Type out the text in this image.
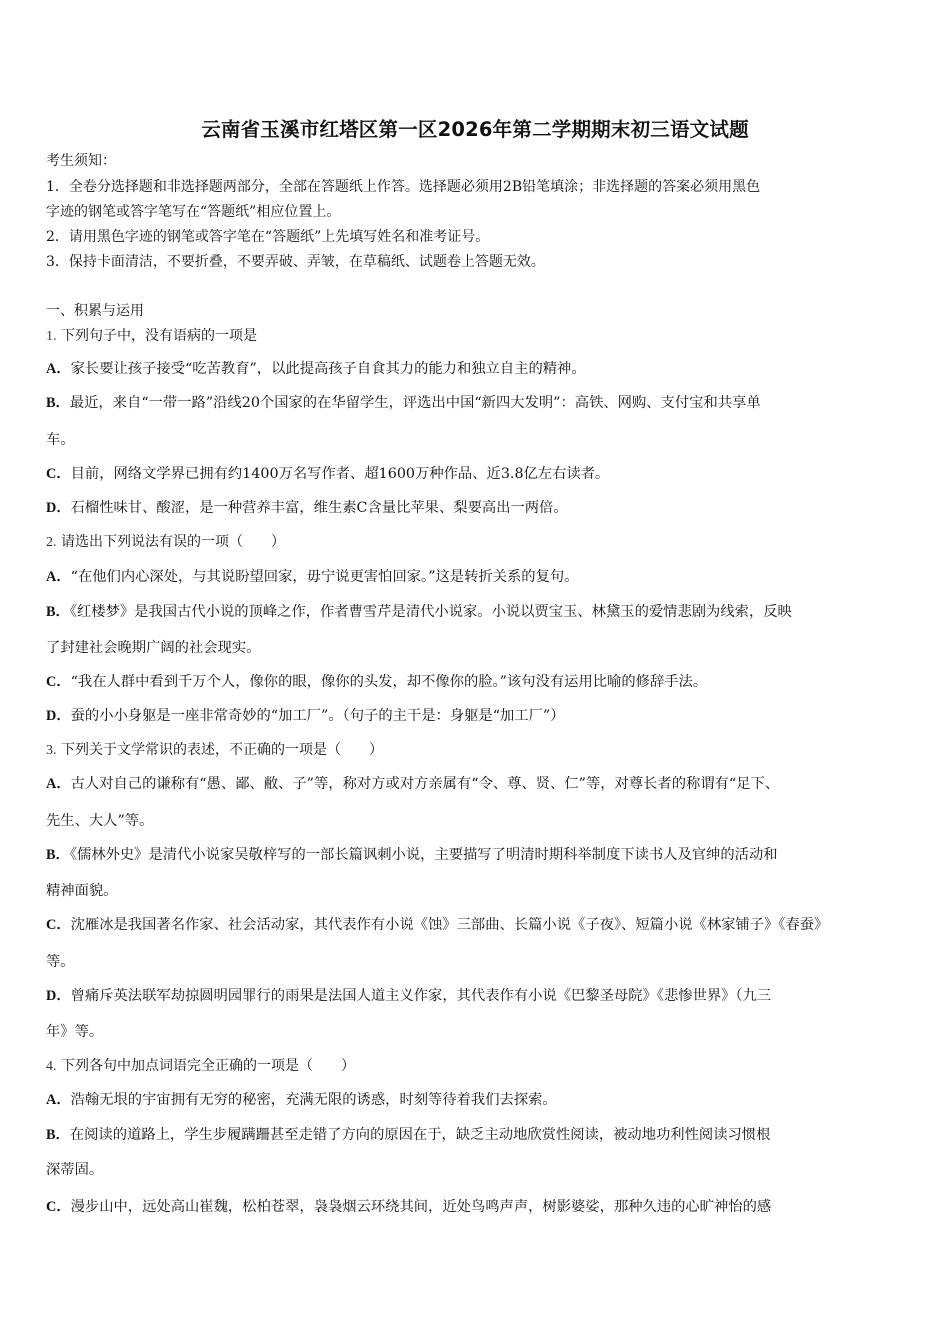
云南省玉溪市红塔区第一区2026年第二学期期末初三语文试题
考生须知：
1．全卷分选择题和非选择题两部分，全部在答题纸上作答。选择题必须用2B铅笔填涂；非选择题的答案必须用黑色
字迹的钢笔或答字笔写在“答题纸”相应位置上。
2．请用黑色字迹的钢笔或答字笔在“答题纸”上先填写姓名和准考证号。
3．保持卡面清洁，不要折叠，不要弄破、弄皱，在草稿纸、试题卷上答题无效。
一、积累与运用
1. 下列句子中，没有语病的一项是
A．家长要让孩子接受“吃苦教育”，以此提高孩子自食其力的能力和独立自主的精神。
B．最近，来自“一带一路”沿线20个国家的在华留学生，评选出中国“新四大发明”：高铁、网购、支付宝和共享单
车。
C．目前，网络文学界已拥有约1400万名写作者、超1600万种作品、近3.8亿左右读者。
D．石榴性味甘、酸涩，是一种营养丰富，维生素C含量比苹果、梨要高出一两倍。
2. 请选出下列说法有误的一项（　　）
A．“在他们内心深处，与其说盼望回家，毋宁说更害怕回家。”这是转折关系的复句。
B．《红楼梦》是我国古代小说的顶峰之作，作者曹雪芹是清代小说家。小说以贾宝玉、林黛玉的爱情悲剧为线索，反映
了封建社会晚期广阔的社会现实。
C．“我在人群中看到千万个人，像你的眼，像你的头发，却不像你的脸。”该句没有运用比喻的修辞手法。
D．蚕的小小身躯是一座非常奇妙的“加工厂”。（句子的主干是：身躯是“加工厂”）
3. 下列关于文学常识的表述，不正确的一项是（　　）
A．古人对自己的谦称有“愚、鄙、敝、子”等，称对方或对方亲属有“令、尊、贤、仁”等，对尊长者的称谓有“足下、
先生、大人”等。
B．《儒林外史》是清代小说家吴敬梓写的一部长篇讽刺小说，主要描写了明清时期科举制度下读书人及官绅的活动和
精神面貌。
C．沈雁冰是我国著名作家、社会活动家，其代表作有小说《蚀》三部曲、长篇小说《子夜》、短篇小说《林家铺子》《春蚕》
等。
D．曾痛斥英法联军劫掠圆明园罪行的雨果是法国人道主义作家，其代表作有小说《巴黎圣母院》《悲惨世界》（九三
年》等。
4. 下列各句中加点词语完全正确的一项是（　　）
A．浩翰无垠的宇宙拥有无穷的秘密，充满无限的诱惑，时刻等待着我们去探索。
B．在阅读的道路上，学生步履蹒跚甚至走错了方向的原因在于，缺乏主动地欣赏性阅读，被动地功利性阅读习惯根
深蒂固。
C．漫步山中，远处高山崔魏，松柏苍翠，袅袅烟云环绕其间，近处鸟鸣声声，树影婆娑，那种久违的心旷神怡的感
